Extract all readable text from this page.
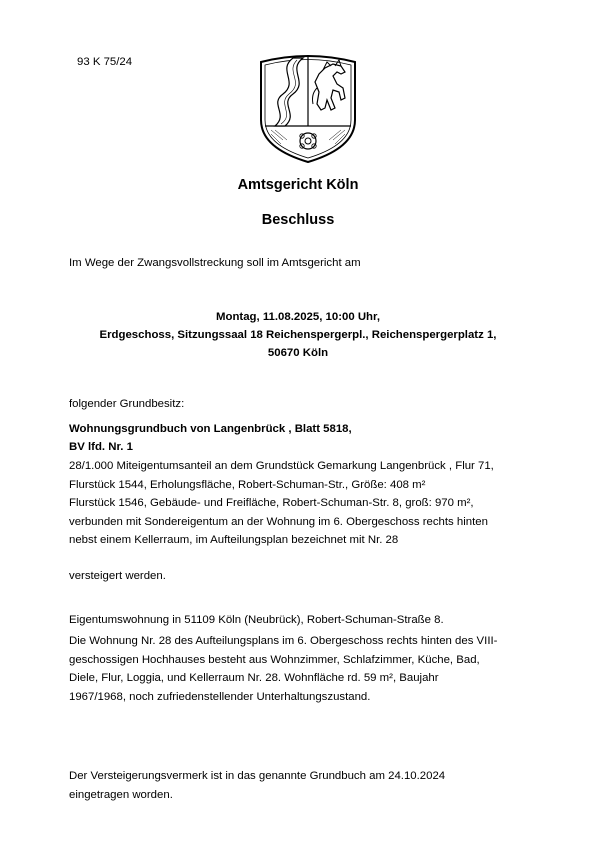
93 K 75/24
Amtsgericht Köln
Beschluss
Im Wege der Zwangsvollstreckung soll im Amtsgericht am
Montag, 11.08.2025, 10:00 Uhr,
Erdgeschoss, Sitzungssaal 18 Reichenspergerpl., Reichenspergerplatz 1,
50670 Köln
folgender Grundbesitz:
Wohnungsgrundbuch von Langenbrück , Blatt 5818,
BV lfd. Nr. 1
28/1.000 Miteigentumsanteil an dem Grundstück Gemarkung Langenbrück , Flur 71,
Flurstück 1544, Erholungsfläche, Robert-Schuman-Str., Größe: 408 m²
Flurstück 1546, Gebäude- und Freifläche, Robert-Schuman-Str. 8, groß: 970 m²,
verbunden mit Sondereigentum an der Wohnung im 6. Obergeschoss rechts hinten
nebst einem Kellerraum, im Aufteilungsplan bezeichnet mit Nr. 28
versteigert werden.
Eigentumswohnung in 51109 Köln (Neubrück), Robert-Schuman-Straße 8.
Die Wohnung Nr. 28 des Aufteilungsplans im 6. Obergeschoss rechts hinten des VIII-
geschossigen Hochhauses besteht aus Wohnzimmer, Schlafzimmer, Küche, Bad,
Diele, Flur, Loggia, und Kellerraum Nr. 28. Wohnfläche rd. 59 m², Baujahr
1967/1968, noch zufriedenstellender Unterhaltungszustand.
Der Versteigerungsvermerk ist in das genannte Grundbuch am 24.10.2024
eingetragen worden.
